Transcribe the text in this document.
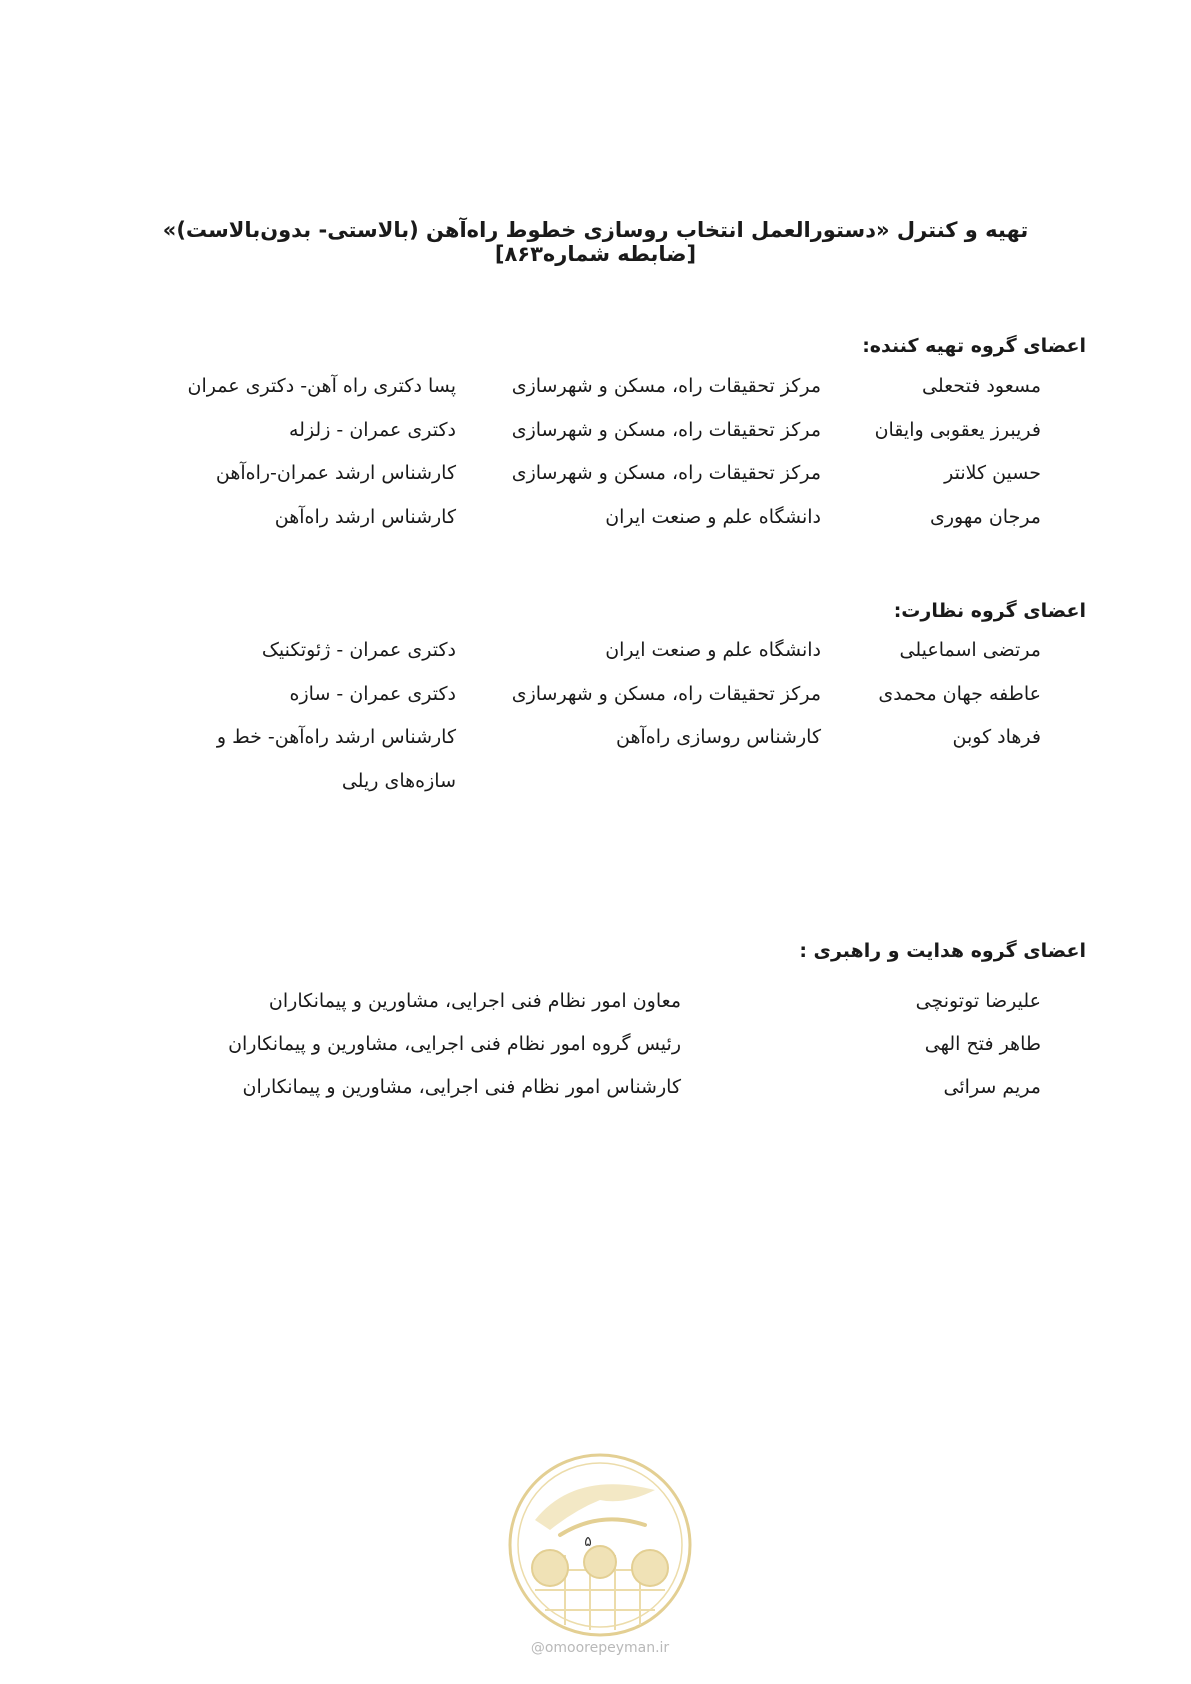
تهیه و کنترل «دستورالعمل انتخاب روسازی خطوط راه‌آهن (بالاستی- بدون‌بالاست)» [ضابطه شماره۸۶۳]
اعضای گروه تهیه کننده:
مسعود فتحعلی
مرکز تحقیقات راه، مسکن و شهرسازی
پسا دکتری راه آهن- دکتری عمران
فریبرز یعقوبی وایقان
مرکز تحقیقات راه، مسکن و شهرسازی
دکتری عمران - زلزله
حسین کلانتر
مرکز تحقیقات راه، مسکن و شهرسازی
کارشناس ارشد عمران-راه‌آهن
مرجان مهوری
دانشگاه علم و صنعت ایران
کارشناس ارشد راه‌آهن
اعضای گروه نظارت:
مرتضی اسماعیلی
دانشگاه علم و صنعت ایران
دکتری عمران - ژئوتکنیک
عاطفه جهان محمدی
مرکز تحقیقات راه، مسکن و شهرسازی
دکتری عمران - سازه
فرهاد کوبن
کارشناس روسازی راه‌آهن
کارشناس ارشد راه‌آهن- خط و
سازه‌های ریلی
اعضای گروه هدایت و راهبری :
علیرضا توتونچی
معاون امور نظام فنی اجرایی، مشاورین و پیمانکاران
طاهر فتح الهی
رئیس گروه امور نظام فنی اجرایی، مشاورین و پیمانکاران
مریم سرائی
کارشناس امور نظام فنی اجرایی، مشاورین و پیمانکاران
۵
@omoorepeyman.ir
